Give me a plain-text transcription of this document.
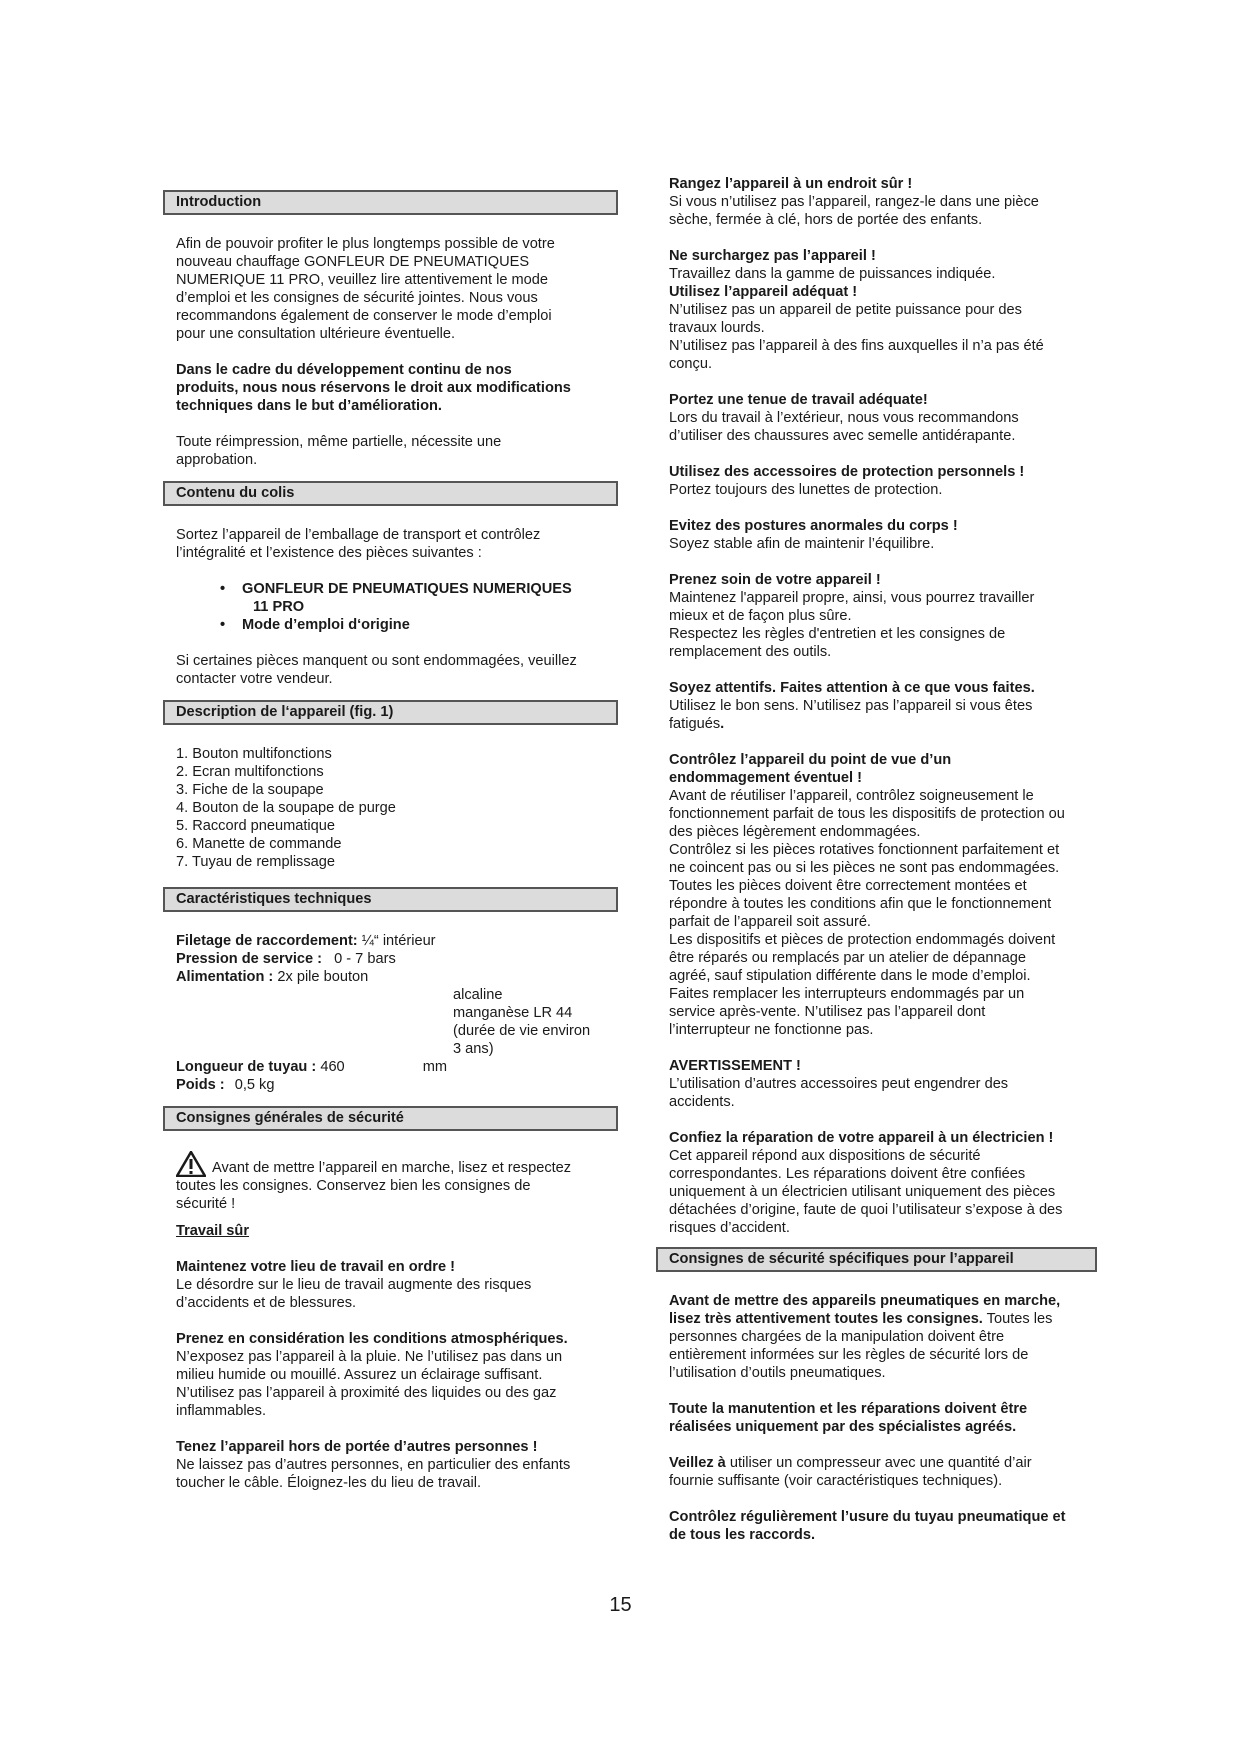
Introduction

Afin de pouvoir profiter le plus longtemps possible de votre
nouveau chauffage GONFLEUR DE PNEUMATIQUES
NUMERIQUE 11 PRO, veuillez lire attentivement le mode
d’emploi et les consignes de sécurité jointes. Nous vous
recommandons également de conserver le mode d’emploi
pour une consultation ultérieure éventuelle.

Dans le cadre du développement continu de nos
produits, nous nous réservons le droit aux modifications
techniques dans le but d’amélioration.

Toute réimpression, même partielle, nécessite une
approbation.

Contenu du colis

Sortez l’appareil de l’emballage de transport et contrôlez
l’intégralité et l’existence des pièces suivantes :

• GONFLEUR DE PNEUMATIQUES NUMERIQUES
11 PRO
• Mode d’emploi d‘origine

Si certaines pièces manquent ou sont endommagées, veuillez
contacter votre vendeur.

Description de l‘appareil (fig. 1)
1. Bouton multifonctions
2. Ecran multifonctions
3. Fiche de la soupape
4. Bouton de la soupape de purge
5. Raccord pneumatique
6. Manette de commande
7. Tuyau de remplissage
Caractéristiques techniques
Filetage de raccordement: ¼“ intérieur
Pression de service : 0 - 7 bars
Alimentation : 2x pile bouton
alcaline
manganèse LR 44
(durée de vie environ
3 ans)
Longueur de tuyau : 460	mm
Poids : 0,5 kg
Consignes générales de sécurité
Avant de mettre l’appareil en marche, lisez et respectez

toutes les consignes. Conservez bien les consignes de
sécurité !

Travail sûr

Maintenez votre lieu de travail en ordre !

Le désordre sur le lieu de travail augmente des risques
d’accidents et de blessures.

Prenez en considération les conditions atmosphériques.

N’exposez pas l’appareil à la pluie. Ne l’utilisez pas dans un
milieu humide ou mouillé. Assurez un éclairage suffisant.
N’utilisez pas l’appareil à proximité des liquides ou des gaz
inflammables.

Tenez l’appareil hors de portée d’autres personnes !

Ne laissez pas d’autres personnes, en particulier des enfants
toucher le câble. Éloignez-les du lieu de travail.

Rangez l’appareil à un endroit sûr !

Si vous n’utilisez pas l’appareil, rangez-le dans une pièce
sèche, fermée à clé, hors de portée des enfants.

Ne surchargez pas l’appareil !

Travaillez dans la gamme de puissances indiquée.

Utilisez l’appareil adéquat !

N’utilisez pas un appareil de petite puissance pour des
travaux lourds.
N’utilisez pas l’appareil à des fins auxquelles il n’a pas été
conçu.

Portez une tenue de travail adéquate!

Lors du travail à l’extérieur, nous vous recommandons
d’utiliser des chaussures avec semelle antidérapante.

Utilisez des accessoires de protection personnels !

Portez toujours des lunettes de protection.

Evitez des postures anormales du corps !

Soyez stable afin de maintenir l’équilibre.

Prenez soin de votre appareil !

Maintenez l'appareil propre, ainsi, vous pourrez travailler
mieux et de façon plus sûre.
Respectez les règles d'entretien et les consignes de
remplacement des outils.

Soyez attentifs. Faites attention à ce que vous faites.

Utilisez le bon sens. N’utilisez pas l’appareil si vous êtes
fatigués.

Contrôlez l’appareil du point de vue d’un
endommagement éventuel !

Avant de réutiliser l’appareil, contrôlez soigneusement le
fonctionnement parfait de tous les dispositifs de protection ou
des pièces légèrement endommagées.
Contrôlez si les pièces rotatives fonctionnent parfaitement et
ne coincent pas ou si les pièces ne sont pas endommagées.
Toutes les pièces doivent être correctement montées et
répondre à toutes les conditions afin que le fonctionnement
parfait de l’appareil soit assuré.
Les dispositifs et pièces de protection endommagés doivent
être réparés ou remplacés par un atelier de dépannage
agréé, sauf stipulation différente dans le mode d’emploi.
Faites remplacer les interrupteurs endommagés par un
service après-vente. N’utilisez pas l’appareil dont
l’interrupteur ne fonctionne pas.

AVERTISSEMENT !

L’utilisation d’autres accessoires peut engendrer des
accidents.

Confiez la réparation de votre appareil à un électricien !

Cet appareil répond aux dispositions de sécurité
correspondantes. Les réparations doivent être confiées
uniquement à un électricien utilisant uniquement des pièces
détachées d’origine, faute de quoi l’utilisateur s’expose à des
risques d’accident.

Consignes de sécurité spécifiques pour l’appareil

Avant de mettre des appareils pneumatiques en marche,
lisez très attentivement toutes les consignes. Toutes les
personnes chargées de la manipulation doivent être
entièrement informées sur les règles de sécurité lors de
l’utilisation d’outils pneumatiques.

Toute la manutention et les réparations doivent être
réalisées uniquement par des spécialistes agréés.

Veillez à utiliser un compresseur avec une quantité d’air
fournie suffisante (voir caractéristiques techniques).

Contrôlez régulièrement l’usure du tuyau pneumatique et
de tous les raccords.

15
